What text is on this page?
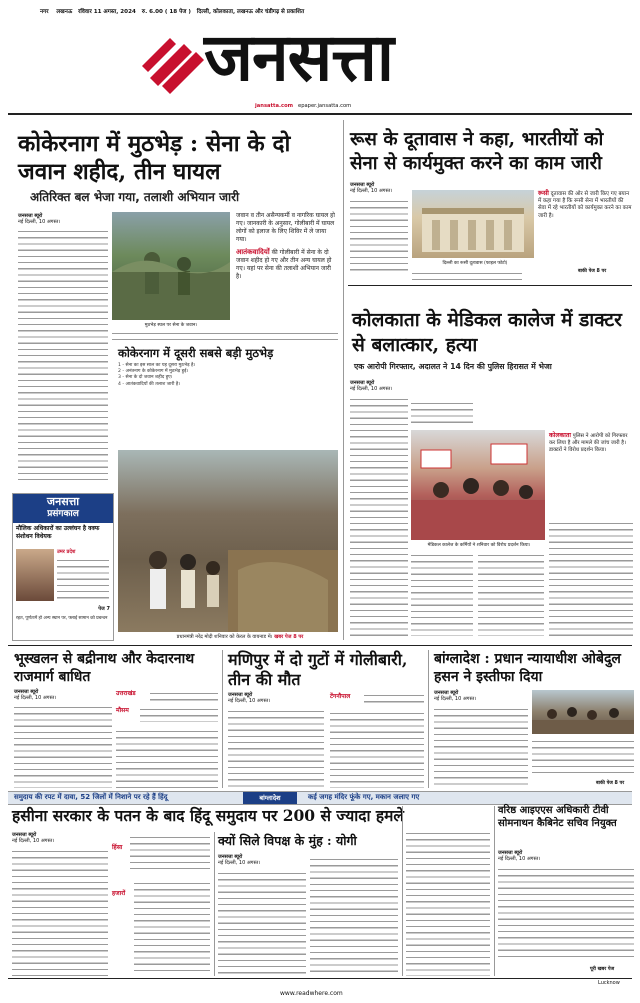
नगर लखनऊ रविवार 11 अगस्त, 2024 रु. 6.00 ( 18 पेज ) दिल्ली, कोलकाता, लखनऊ और चंडीगढ़ से प्रकाशित
जनसत्ता
jansatta.com epaper.jansatta.com
कोकेरनाग में मुठभेड़ : सेना के दो जवान शहीद, तीन घायल
अतिरिक्त बल भेजा गया, तलाशी अभियान जारी
जनसत्ता ब्यूरो
नई दिल्ली, 10 अगस्त।
मुठभेड़ स्थल पर सेना के जवान।
जवान व तीन असैन्यकर्मी व नागरिक घायल हो गए। जानकारी के अनुसार, गोलीबारी में घायल लोगों को इलाज के लिए शिविर में ले जाया गया।
आतंकवादियों की गोलीबारी में सेना के दो जवान शहीद हो गए और तीन अन्य घायल हो गए। यहां पर सेना की तलाशी अभियान जारी है।
कोकेरनाग में दूसरी सबसे बड़ी मुठभेड़
1 - सेना का इस साल का यह दूसरा मुठभेड़ है।
2 - अनंतनाग के कोकेरनाग में मुठभेड़ हुई।
3 - सेना के दो जवान शहीद हुए।
4 - आतंकवादियों की तलाश जारी है।
जनसत्ता
प्रसंगकाल
मौलिक अधिकारों का उल्लंघन है वक्फ संशोधन विधेयक
उमर प्रदेश
पेज 7
रहत, पूर्णतःमें हो अन्य स्थान पर, फ्लाई सामान को प्रबन्धन
प्रधानमंत्री नरेंद्र मोदी शनिवार को केरल के वायनाड में। खबर पेज 8 पर
रूस के दूतावास ने कहा, भारतीयों को सेना से कार्यमुक्त करने का काम जारी
जनसत्ता ब्यूरो
नई दिल्ली, 10 अगस्त।
दिल्ली का रूसी दूतावास (फाइल फोटो)
रूसी दूतावास की ओर से जारी किए गए बयान में कहा गया है कि रूसी सेना में भारतीयों की सेवा में रहे भारतीयों को कार्यमुक्त करने का काम जारी है।
बाकी पेज 8 पर
कोलकाता के मेडिकल कालेज में डाक्टर से बलात्कार, हत्या
एक आरोपी गिरफ्तार, अदालत ने 14 दिन की पुलिस हिरासत में भेजा
जनसत्ता ब्यूरो
नई दिल्ली, 10 अगस्त।
मेडिकल कालेज के कर्मियों ने शनिवार को विरोध प्रदर्शन किया।
कोलकाता पुलिस ने आरोपी को गिरफ्तार कर लिया है और मामले की जांच जारी है। डाक्टरों ने विरोध प्रदर्शन किया।
भूस्खलन से बद्रीनाथ और केदारनाथ राजमार्ग बाधित
जनसत्ता ब्यूरो
नई दिल्ली, 10 अगस्त।
उत्तराखंड
मौसम
मणिपुर में दो गुटों में गोलीबारी, तीन की मौत
जनसत्ता ब्यूरो
नई दिल्ली, 10 अगस्त।
टेंगनौपाल
बांग्लादेश : प्रधान न्यायाधीश ओबेदुल हसन ने इस्तीफा दिया
जनसत्ता ब्यूरो
नई दिल्ली, 10 अगस्त।
बाकी पेज 8 पर
समुदाय की रपट में दावा, 52 जिलों में निशाने पर रहे हैं हिंदू	बांग्लादेश	कई जगह मंदिर फूंके गए, मकान जलाए गए
हसीना सरकार के पतन के बाद हिंदू समुदाय पर 200 से ज्यादा हमले
जनसत्ता ब्यूरो
नई दिल्ली, 10 अगस्त।
हिंसा
हजारों
क्यों सिले विपक्ष के मुंह : योगी
जनसत्ता ब्यूरो
नई दिल्ली, 10 अगस्त।
वरिष्ठ आइएएस अधिकारी टीवी सोमनाथन कैबिनेट सचिव नियुक्त
जनसत्ता ब्यूरो
नई दिल्ली, 10 अगस्त।
पूरी खबर पेज
www.readwhere.com
Lucknow
